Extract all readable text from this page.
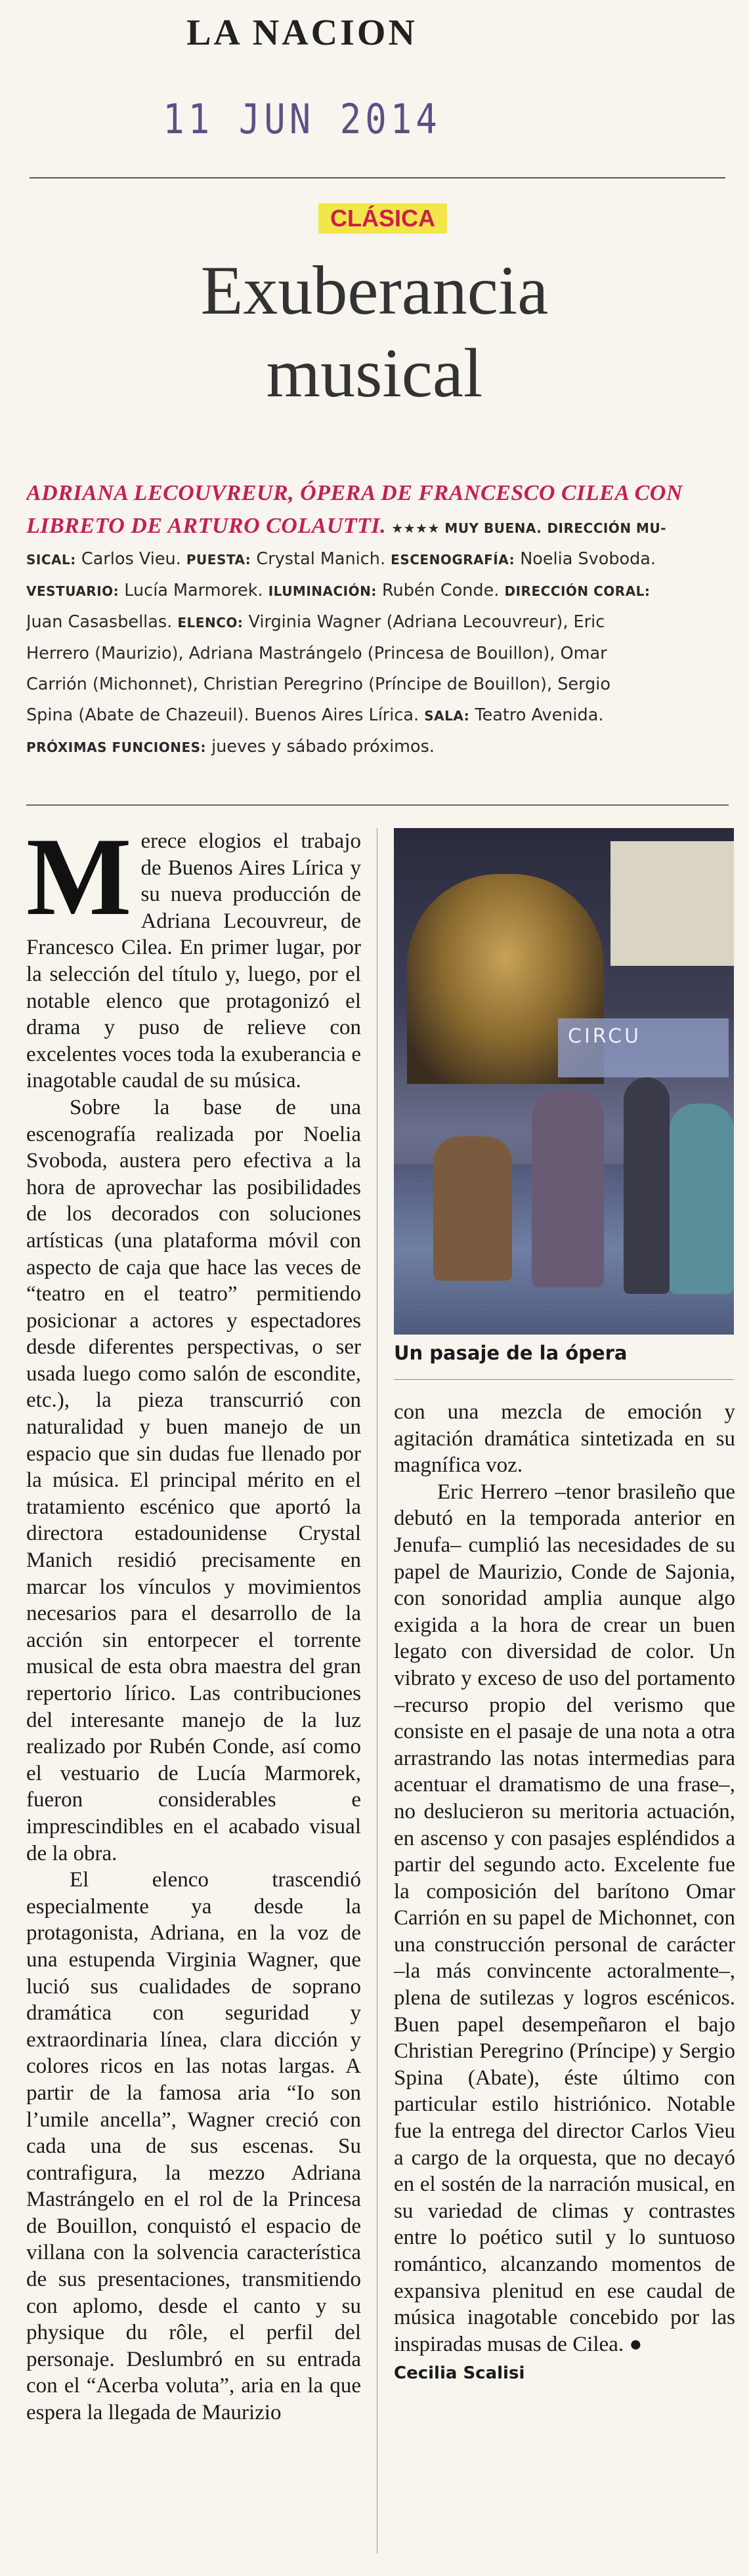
LA NACION
11 JUN 2014
CLÁSICA
Exuberancia
musical
ADRIANA LECOUVREUR, ÓPERA DE FRANCESCO CILEA CON
LIBRETO DE ARTURO COLAUTTI. ★★★★ MUY BUENA. DIRECCIÓN MU-
SICAL: Carlos Vieu. PUESTA: Crystal Manich. ESCENOGRAFÍA: Noelia Svoboda.
VESTUARIO: Lucía Marmorek. ILUMINACIÓN: Rubén Conde. DIRECCIÓN CORAL:
Juan Casasbellas. ELENCO: Virginia Wagner (Adriana Lecouvreur), Eric
Herrero (Maurizio), Adriana Mastrángelo (Princesa de Bouillon), Omar
Carrión (Michonnet), Christian Peregrino (Príncipe de Bouillon), Sergio
Spina (Abate de Chazeuil). Buenos Aires Lírica. SALA: Teatro Avenida.
PRÓXIMAS FUNCIONES: jueves y sábado próximos.

Merece elogios el trabajo de Buenos Aires Lírica y su nueva producción de Adriana Lecouvreur, de Francesco Cilea. En primer lugar, por la selección del título y, luego, por el notable elenco que protagonizó el drama y puso de relieve con excelentes voces toda la exuberancia e inagotable caudal de su música.

Sobre la base de una escenografía realizada por Noelia Svoboda, austera pero efectiva a la hora de aprovechar las posibilidades de los decorados con soluciones artísticas (una plataforma móvil con aspecto de caja que hace las veces de “teatro en el teatro” permitiendo posicionar a actores y espectadores desde diferentes perspectivas, o ser usada luego como salón de escondite, etc.), la pieza transcurrió con naturalidad y buen manejo de un espacio que sin dudas fue llenado por la música. El principal mérito en el tratamiento escénico que aportó la directora estadounidense Crystal Manich residió precisamente en marcar los vínculos y movimientos necesarios para el desarrollo de la acción sin entorpecer el torrente musical de esta obra maestra del gran repertorio lírico. Las contribuciones del interesante manejo de la luz realizado por Rubén Conde, así como el vestuario de Lucía Marmorek, fueron considerables e imprescindibles en el acabado visual de la obra.

El elenco trascendió especialmente ya desde la protagonista, Adriana, en la voz de una estupenda Virginia Wagner, que lució sus cualidades de soprano dramática con seguridad y extraordinaria línea, clara dicción y colores ricos en las notas largas. A partir de la famosa aria “Io son l’umile ancella”, Wagner creció con cada una de sus escenas. Su contrafigura, la mezzo Adriana Mastrángelo en el rol de la Princesa de Bouillon, conquistó el espacio de villana con la solvencia característica de sus presentaciones, transmitiendo con aplomo, desde el canto y su physique du rôle, el perfil del personaje. Deslumbró en su entrada con el “Acerba voluta”, aria en la que espera la llegada de Maurizio

CIRCU
Un pasaje de la ópera

con una mezcla de emoción y agitación dramática sintetizada en su magnífica voz.

Eric Herrero –tenor brasileño que debutó en la temporada anterior en Jenufa– cumplió las necesidades de su papel de Maurizio, Conde de Sajonia, con sonoridad amplia aunque algo exigida a la hora de crear un buen legato con diversidad de color. Un vibrato y exceso de uso del portamento –recurso propio del verismo que consiste en el pasaje de una nota a otra arrastrando las notas intermedias para acentuar el dramatismo de una frase–, no deslucieron su meritoria actuación, en ascenso y con pasajes espléndidos a partir del segundo acto. Excelente fue la composición del barítono Omar Carrión en su papel de Michonnet, con una construcción personal de carácter –la más convincente actoralmente–, plena de sutilezas y logros escénicos. Buen papel desempeñaron el bajo Christian Peregrino (Príncipe) y Sergio Spina (Abate), éste último con particular estilo histriónico. Notable fue la entrega del director Carlos Vieu a cargo de la orquesta, que no decayó en el sostén de la narración musical, en su variedad de climas y contrastes entre lo poético sutil y lo suntuoso romántico, alcanzando momentos de expansiva plenitud en ese caudal de música inagotable concebido por las inspiradas musas de Cilea. ●

Cecilia Scalisi
